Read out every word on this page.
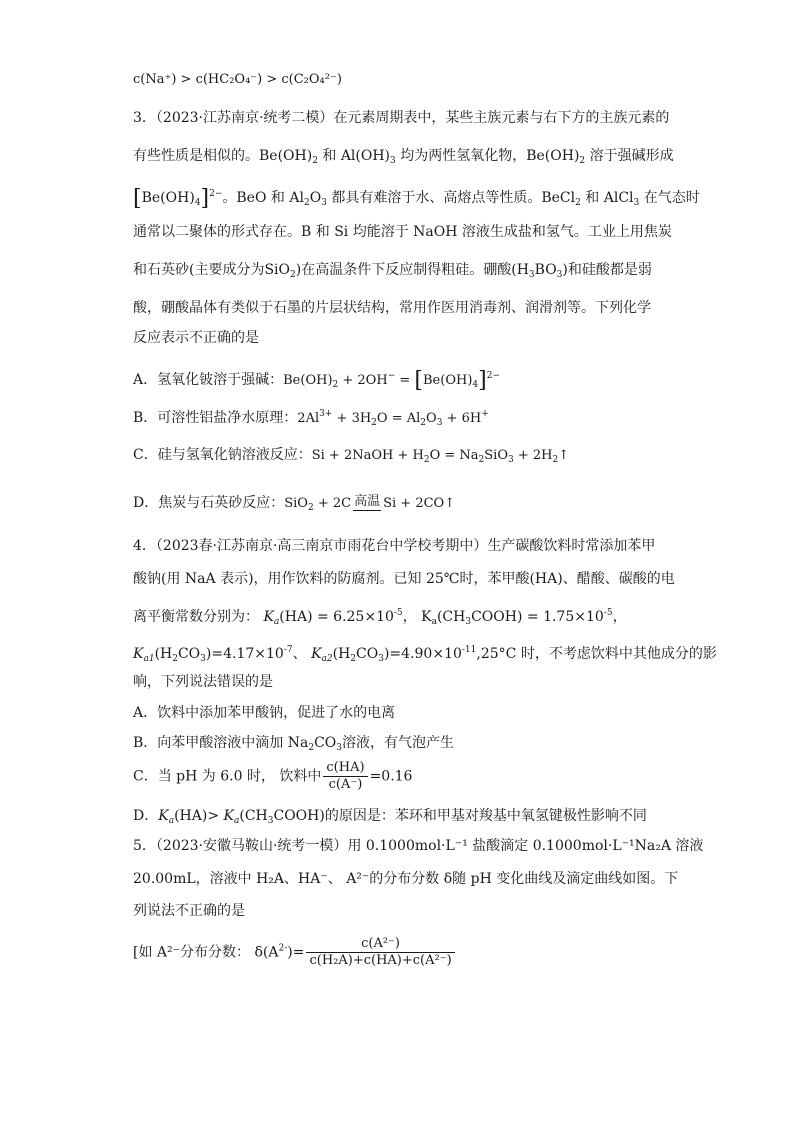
c(Na⁺) > c(HC₂O₄⁻) > c(C₂O₄²⁻)
3．（2023·江苏南京·统考二模）在元素周期表中，某些主族元素与右下方的主族元素的
有些性质是相似的。$Be(OH)_2$ 和 $Al(OH)_3$ 均为两性氢氧化物，$Be(OH)_2$ 溶于强碱形成
$[Be(OH)_4]^{2-}$。BeO 和 $Al_2O_3$ 都具有难溶于水、高熔点等性质。BeCl$_2$ 和 AlCl$_3$ 在气态时
通常以二聚体的形式存在。B 和 Si 均能溶于 NaOH 溶液生成盐和氢气。工业上用焦炭
和石英砂(主要成分为SiO$_2$)在高温条件下反应制得粗硅。硼酸$(H_3BO_3)$和硅酸都是弱
酸，硼酸晶体有类似于石墨的片层状结构，常用作医用消毒剂、润滑剂等。下列化学
反应表示不正确的是
A．氢氧化铍溶于强碱：$Be(OH)_2 + 2OH^- = [Be(OH)_4]^{2-}$
B．可溶性铝盐净水原理：$2Al^{3+} + 3H_2O = Al_2O_3 + 6H^+$
C．硅与氢氧化钠溶液反应：Si + 2NaOH + $H_2O = Na_2SiO_3$ + $2H_2↑$
D．焦炭与石英砂反应：SiO$_2$ + 2C 高温 Si + 2CO↑
4．（2023春·江苏南京·高三南京市雨花台中学校考期中）生产碳酸饮料时常添加苯甲
酸钠(用 NaA 表示)，用作饮料的防腐剂。已知 25℃时，苯甲酸(HA)、醋酸、碳酸的电
离平衡常数分别为： $K_a(HA) = 6.25\times 10^{-5}$， $K_a(CH_3COOH) = 1.75\times 10^{-5}$，
$K_{a1}(H_2CO_3)=4.17\times 10^{-7}$、 $K_{a2}(H_2CO_3)=4.90\times 10^{-11},25^\circ C$ 时，不考虑饮料中其他成分的影
响，下列说法错误的是
A．饮料中添加苯甲酸钠，促进了水的电离
B．向苯甲酸溶液中滴加 $Na_2CO_3$溶液，有气泡产生
C．当 pH 为 6.0 时， 饮料中 $\frac{c(HA)}{c(A^-)} =0.16$
D．$K_a(HA)>$ $K_a(CH_3COOH)$的原因是：苯环和甲基对羧基中氧氢键极性影响不同
5．（2023·安徽马鞍山·统考一模）用 0.1000mol·L⁻¹ 盐酸滴定 0.1000mol·L⁻¹Na₂A 溶液
20.00mL，溶液中 H₂A、HA⁻、 A²⁻的分布分数 δ随 pH 变化曲线及滴定曲线如图。下
列说法不正确的是
[如 A²⁻分布分数： $\delta(A^{2-})= \frac{\text{c(A²⁻)}}{\text{c(H₂A)+c(HA)+c(A²⁻)}}$
